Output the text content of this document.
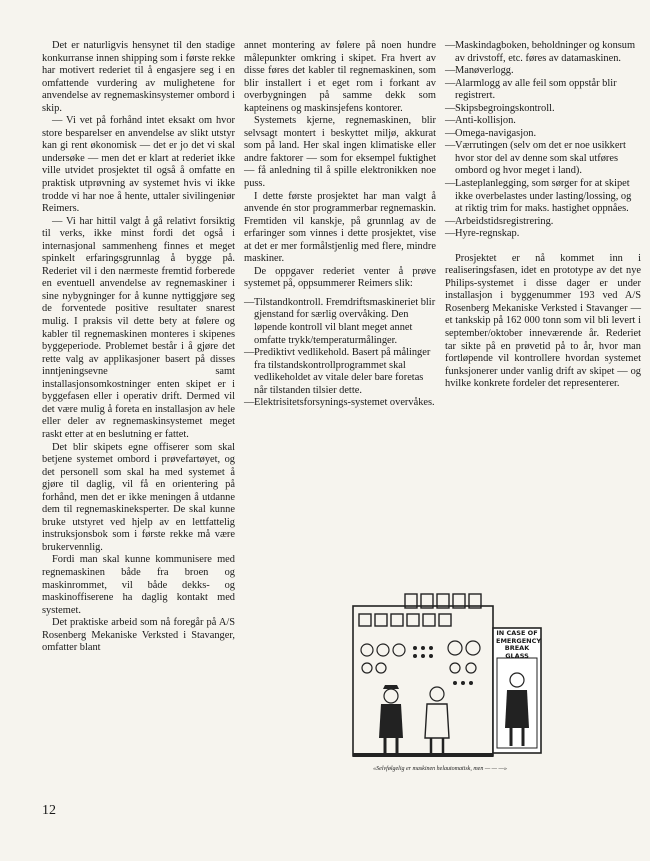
Det er naturligvis hensynet til den stadige konkurranse innen shipping som i første rekke har motivert rederiet til å engasjere seg i en omfattende vurdering av mulighetene for anvendelse av regnemaskinsystemer ombord i skip.

— Vi vet på forhånd intet eksakt om hvor store besparelser en anvendelse av slikt utstyr kan gi rent økonomisk — det er jo det vi skal undersøke — men det er klart at rederiet ikke ville utvidet prosjektet til også å omfatte en praktisk utprøvning av systemet hvis vi ikke trodde vi har noe å hente, uttaler sivilingeniør Reimers.

— Vi har hittil valgt å gå relativt forsiktig til verks, ikke minst fordi det også i internasjonal sammenheng finnes et meget spinkelt erfaringsgrunnlag å bygge på. Rederiet vil i den nærmeste fremtid forberede en eventuell anvendelse av regnemaskiner i sine nybygninger for å kunne nyttiggjøre seg de forventede positive resultater snarest mulig. I praksis vil dette bety at følere og kabler til regnemaskinen monteres i skipenes byggeperiode. Problemet består i å gjøre det rette valg av applikasjoner basert på disses inntjeningsevne samt installasjonsomkostninger enten skipet er i byggefasen eller i operativ drift. Dermed vil det være mulig å foreta en installasjon av hele eller deler av regnemaskinsystemet meget raskt etter at en beslutning er fattet.

Det blir skipets egne offiserer som skal betjene systemet ombord i prøvefartøyet, og det personell som skal ha med systemet å gjøre til daglig, vil få en orientering på forhånd, men det er ikke meningen å utdanne dem til regnemaskineksperter. De skal kunne bruke utstyret ved hjelp av en lettfattelig instruksjonsbok som i første rekke må være brukervennlig.

Fordi man skal kunne kommunisere med regnemaskinen både fra broen og maskinrommet, vil både dekks- og maskinoffiserene ha daglig kontakt med systemet.

Det praktiske arbeid som nå foregår på A/S Rosenberg Mekaniske Verksted i Stavanger, omfatter blant

annet montering av følere på noen hundre målepunkter omkring i skipet. Fra hvert av disse føres det kabler til regnemaskinen, som blir installert i et eget rom i forkant av overbygningen på samme dekk som kapteinens og maskinsjefens kontorer.

Systemets kjerne, regnemaskinen, blir selvsagt montert i beskyttet miljø, akkurat som på land. Her skal ingen klimatiske eller andre faktorer — som for eksempel fuktighet — få anledning til å spille elektronikken noe puss.

I dette første prosjektet har man valgt å anvende én stor programmerbar regnemaskin. Fremtiden vil kanskje, på grunnlag av de erfaringer som vinnes i dette prosjektet, vise at det er mer formålstjenlig med flere, mindre maskiner.

De oppgaver rederiet venter å prøve systemet på, oppsummerer Reimers slik:

— Tilstandkontroll. Fremdriftsmaskineriet blir gjenstand for særlig overvåking. Den løpende kontroll vil blant meget annet omfatte trykk/temperaturmålinger.
— Prediktivt vedlikehold. Basert på målinger fra tilstandskontrollprogrammet skal vedlikeholdet av vitale deler bare foretas når tilstanden tilsier dette.
— Elektrisitetsforsynings-systemet overvåkes.
— Maskindagboken, beholdninger og konsum av drivstoff, etc. føres av datamaskinen.
— Manøverlogg.
— Alarmlogg av alle feil som oppstår blir registrert.
— Skipsbegroingskontroll.
— Anti-kollisjon.
— Omega-navigasjon.
— Værrutingen (selv om det er noe usikkert hvor stor del av denne som skal utføres ombord og hvor meget i land).
— Lasteplanlegging, som sørger for at skipet ikke overbelastes under lasting/lossing, og at riktig trim for maks. hastighet oppnåes.
— Arbeidstidsregistrering.
— Hyre-regnskap.

Prosjektet er nå kommet inn i realiseringsfasen, idet en prototype av det nye Philips-systemet i disse dager er under installasjon i byggenummer 193 ved A/S Rosenberg Mekaniske Verksted i Stavanger — et tankskip på 162 000 tonn som vil bli levert i september/oktober inneværende år. Rederiet tar sikte på en prøvetid på to år, hvor man fortløpende vil kontrollere hvordan systemet funksjonerer under vanlig drift av skipet — og hvilke konkrete fordeler det representerer.

IN CASE OF EMERGENCY BREAK GLASS
«Selvfølgelig er maskinen helautomatisk, men — — —»
12
